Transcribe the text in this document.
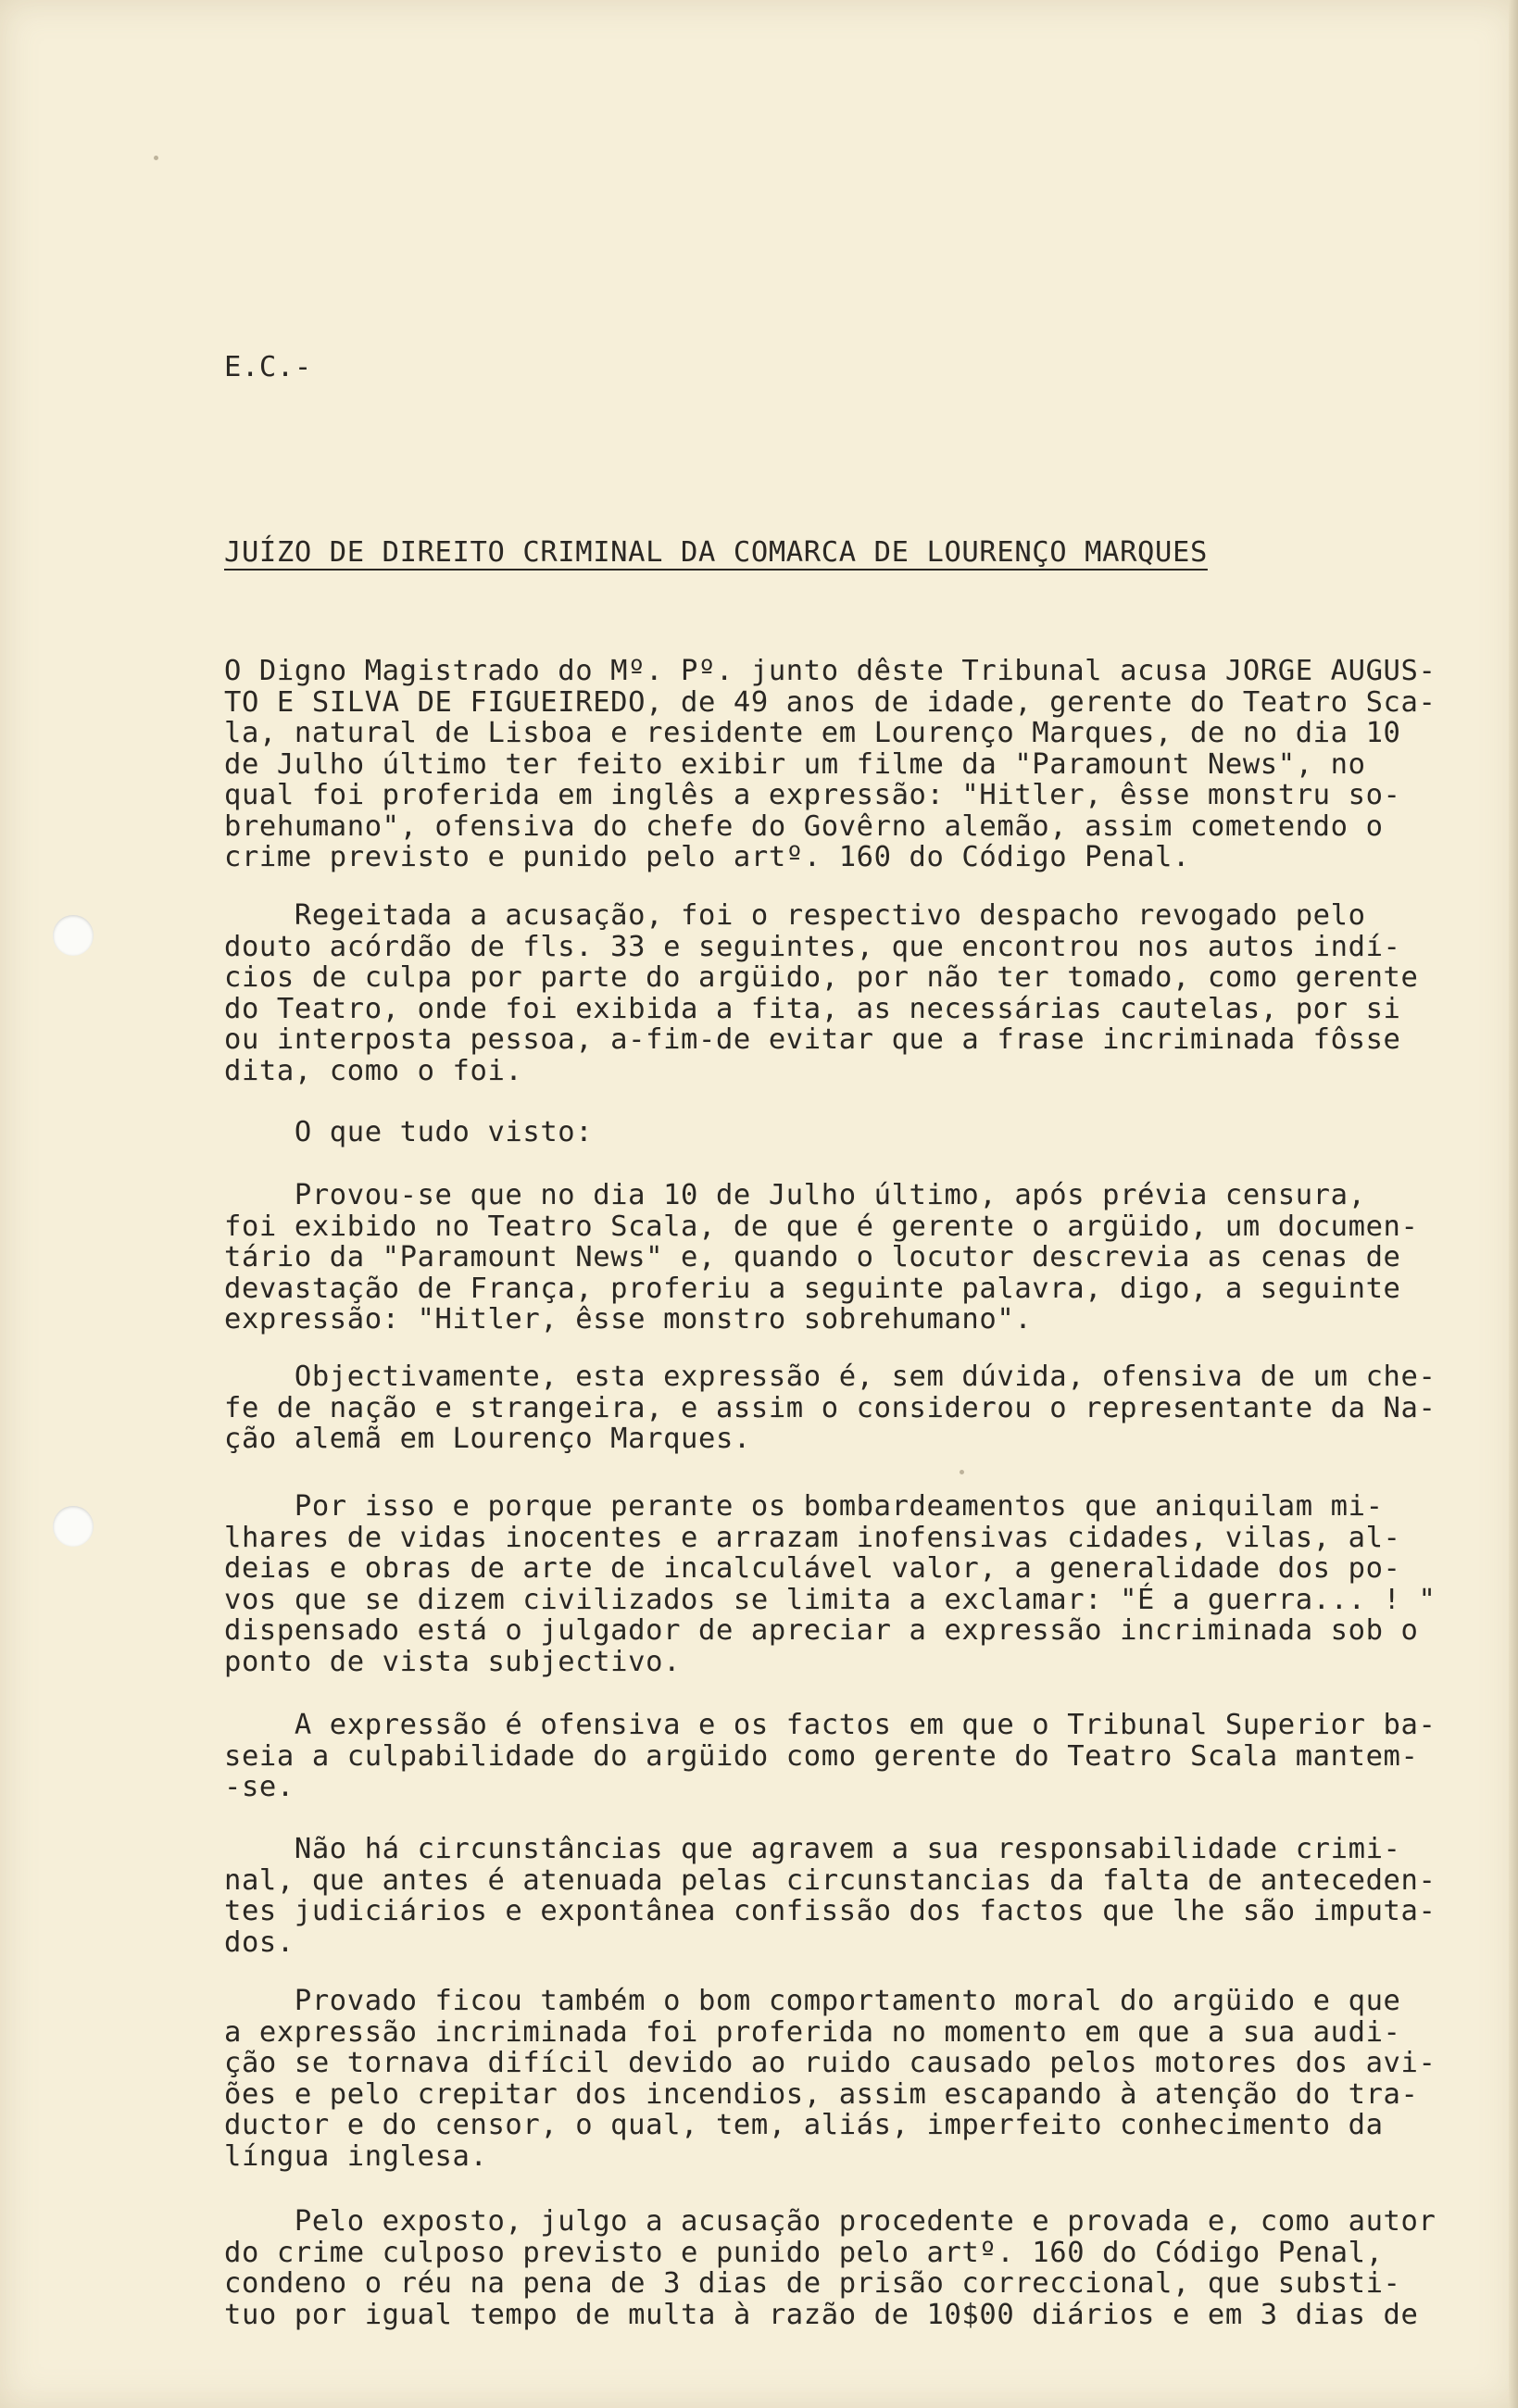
E.C.-
JUÍZO DE DIREITO CRIMINAL DA COMARCA DE LOURENÇO MARQUES
O Digno Magistrado do Mº. Pº. junto dêste Tribunal acusa JORGE AUGUS-
TO E SILVA DE FIGUEIREDO, de 49 anos de idade, gerente do Teatro Sca-
la, natural de Lisboa e residente em Lourenço Marques, de no dia 10
de Julho último ter feito exibir um filme da "Paramount News", no
qual foi proferida em inglês a expressão: "Hitler, êsse monstru so-
brehumano", ofensiva do chefe do Govêrno alemão, assim cometendo o
crime previsto e punido pelo artº. 160 do Código Penal.
Regeitada a acusação, foi o respectivo despacho revogado pelo
douto acórdão de fls. 33 e seguintes, que encontrou nos autos indí-
cios de culpa por parte do argüido, por não ter tomado, como gerente
do Teatro, onde foi exibida a fita, as necessárias cautelas, por si
ou interposta pessoa, a-fim-de evitar que a frase incriminada fôsse
dita, como o foi.
O que tudo visto:
Provou-se que no dia 10 de Julho último, após prévia censura,
foi exibido no Teatro Scala, de que é gerente o argüido, um documen-
tário da "Paramount News" e, quando o locutor descrevia as cenas de
devastação de França, proferiu a seguinte palavra, digo, a seguinte
expressão: "Hitler, êsse monstro sobrehumano".
Objectivamente, esta expressão é, sem dúvida, ofensiva de um che-
fe de nação e strangeira, e assim o considerou o representante da Na-
ção alemã em Lourenço Marques.
Por isso e porque perante os bombardeamentos que aniquilam mi-
lhares de vidas inocentes e arrazam inofensivas cidades, vilas, al-
deias e obras de arte de incalculável valor, a generalidade dos po-
vos que se dizem civilizados se limita a exclamar: "É a guerra... ! "
dispensado está o julgador de apreciar a expressão incriminada sob o
ponto de vista subjectivo.
A expressão é ofensiva e os factos em que o Tribunal Superior ba-
seia a culpabilidade do argüido como gerente do Teatro Scala mantem-
-se.
Não há circunstâncias que agravem a sua responsabilidade crimi-
nal, que antes é atenuada pelas circunstancias da falta de anteceden-
tes judiciários e expontânea confissão dos factos que lhe são imputa-
dos.
Provado ficou também o bom comportamento moral do argüido e que
a expressão incriminada foi proferida no momento em que a sua audi-
ção se tornava difícil devido ao ruido causado pelos motores dos avi-
ões e pelo crepitar dos incendios, assim escapando à atenção do tra-
ductor e do censor, o qual, tem, aliás, imperfeito conhecimento da
língua inglesa.
Pelo exposto, julgo a acusação procedente e provada e, como autor
do crime culposo previsto e punido pelo artº. 160 do Código Penal,
condeno o réu na pena de 3 dias de prisão correccional, que substi-
tuo por igual tempo de multa à razão de 10$00 diários e em 3 dias de
